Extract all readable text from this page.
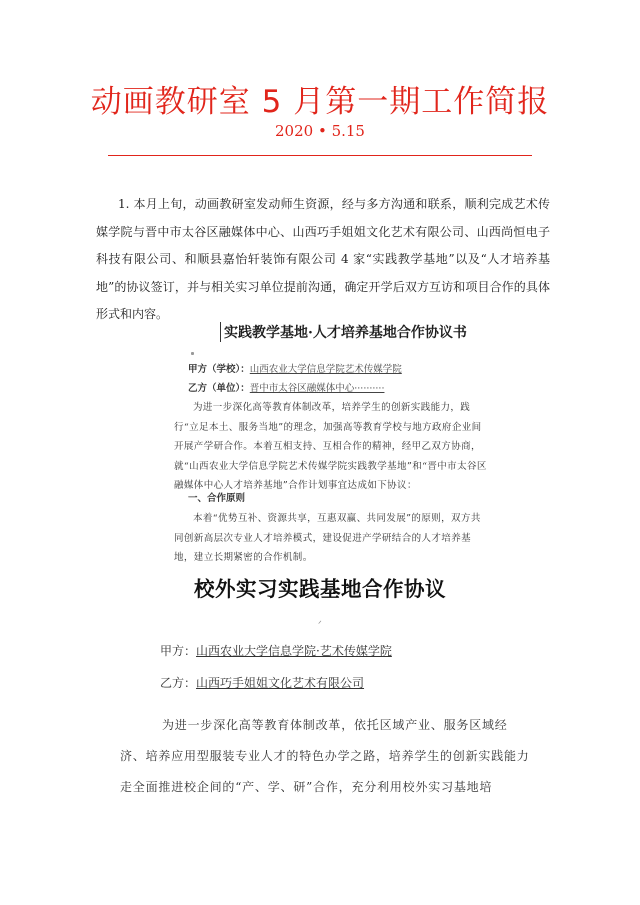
动画教研室 5 月第一期工作简报
2020 • 5.15
1. 本月上旬，动画教研室发动师生资源，经与多方沟通和联系，顺利完成艺术传媒学院与晋中市太谷区融媒体中心、山西巧手姐姐文化艺术有限公司、山西尚恒电子科技有限公司、和顺县嘉怡轩装饰有限公司 4 家“实践教学基地”以及“人才培养基地”的协议签订，并与相关实习单位提前沟通，确定开学后双方互访和项目合作的具体形式和内容。
实践教学基地·人才培养基地合作协议书
甲方（学校）：山西农业大学信息学院艺术传媒学院
乙方（单位）：晋中市太谷区融媒体中心··········
为进一步深化高等教育体制改革，培养学生的创新实践能力，践行“立足本土、服务当地”的理念，加强高等教育学校与地方政府企业间开展产学研合作。本着互相支持、互相合作的精神，经甲乙双方协商，就“山西农业大学信息学院艺术传媒学院实践教学基地”和“晋中市太谷区融媒体中心人才培养基地”合作计划事宜达成如下协议：
一、合作原则
本着“优势互补、资源共享，互惠双赢、共同发展”的原则，双方共同创新高层次专业人才培养模式，建设促进产学研结合的人才培养基地，建立长期紧密的合作机制。
校外实习实践基地合作协议
ᐟ
甲方：山西农业大学信息学院·艺术传媒学院
乙方：山西巧手姐姐文化艺术有限公司
为进一步深化高等教育体制改革，依托区域产业、服务区域经济、培养应用型服装专业人才的特色办学之路，培养学生的创新实践能力走全面推进校企间的“产、学、研”合作，充分利用校外实习基地培
